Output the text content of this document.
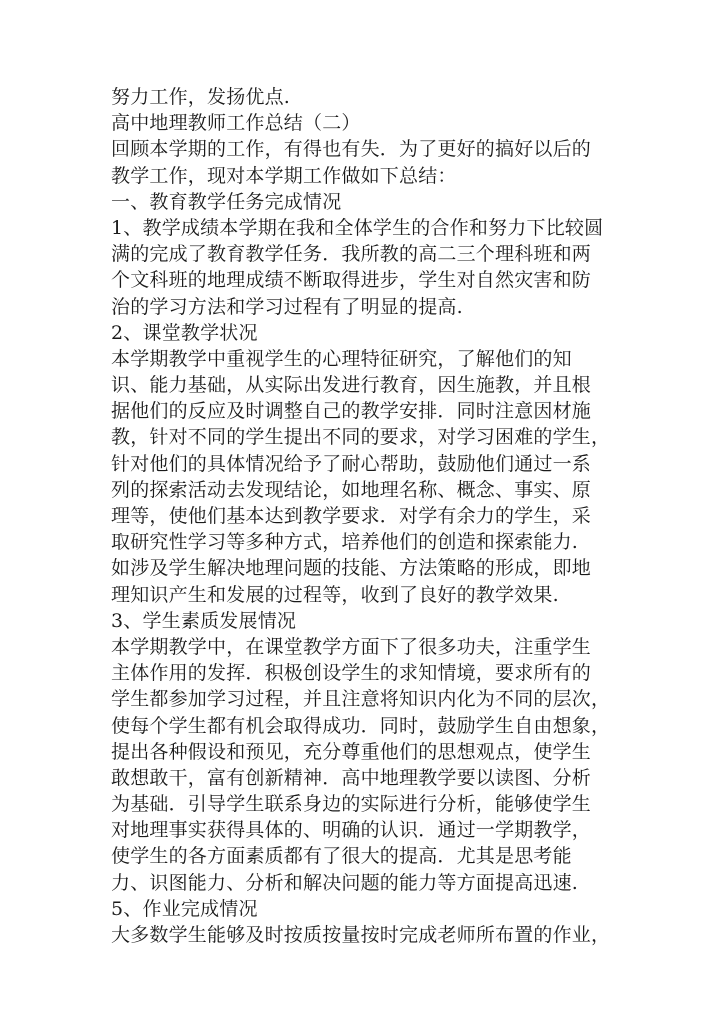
努力工作，发扬优点.
高中地理教师工作总结（二）
回顾本学期的工作，有得也有失．为了更好的搞好以后的
教学工作，现对本学期工作做如下总结：
一、教育教学任务完成情况
1、教学成绩本学期在我和全体学生的合作和努力下比较圆
满的完成了教育教学任务．我所教的高二三个理科班和两
个文科班的地理成绩不断取得进步，学生对自然灾害和防
治的学习方法和学习过程有了明显的提高.
2、课堂教学状况
本学期教学中重视学生的心理特征研究，了解他们的知
识、能力基础，从实际出发进行教育，因生施教，并且根
据他们的反应及时调整自己的教学安排．同时注意因材施
教，针对不同的学生提出不同的要求，对学习困难的学生，
针对他们的具体情况给予了耐心帮助，鼓励他们通过一系
列的探索活动去发现结论，如地理名称、概念、事实、原
理等，使他们基本达到教学要求．对学有余力的学生，采
取研究性学习等多种方式，培养他们的创造和探索能力.
如涉及学生解决地理问题的技能、方法策略的形成，即地
理知识产生和发展的过程等，收到了良好的教学效果.
3、学生素质发展情况
本学期教学中，在课堂教学方面下了很多功夫，注重学生
主体作用的发挥．积极创设学生的求知情境，要求所有的
学生都参加学习过程，并且注意将知识内化为不同的层次，
使每个学生都有机会取得成功．同时，鼓励学生自由想象，
提出各种假设和预见，充分尊重他们的思想观点，使学生
敢想敢干，富有创新精神．高中地理教学要以读图、分析
为基础．引导学生联系身边的实际进行分析，能够使学生
对地理事实获得具体的、明确的认识．通过一学期教学，
使学生的各方面素质都有了很大的提高．尤其是思考能
力、识图能力、分析和解决问题的能力等方面提高迅速.
5、作业完成情况
大多数学生能够及时按质按量按时完成老师所布置的作业，
